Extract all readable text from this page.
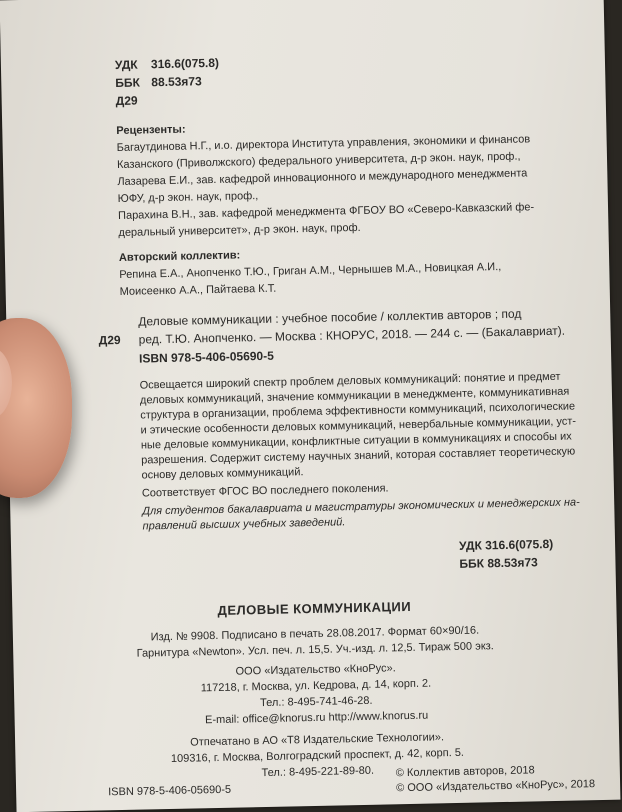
УДК 316.6(075.8)
ББК 88.53я73
Д29
Рецензенты:
Багаутдинова Н.Г., и.о. директора Института управления, экономики и финансов
Казанского (Приволжского) федерального университета, д-р экон. наук, проф.,
Лазарева Е.И., зав. кафедрой инновационного и международного менеджмента
ЮФУ, д-р экон. наук, проф.,
Парахина В.Н., зав. кафедрой менеджмента ФГБОУ ВО «Северо-Кавказский фе-
деральный университет», д-р экон. наук, проф.
Авторский коллектив:
Репина Е.А., Анопченко Т.Ю., Григан А.М., Чернышев М.А., Новицкая А.И.,
Моисеенко А.А., Пайтаева К.Т.
Деловые коммуникации : учебное пособие / коллектив авторов ; под
Д29 ред. Т.Ю. Анопченко. — Москва : КНОРУС, 2018. — 244 с. — (Бакалавриат).
ISBN 978-5-406-05690-5
Освещается широкий спектр проблем деловых коммуникаций: понятие и предмет
деловых коммуникаций, значение коммуникации в менеджменте, коммуникативная
структура в организации, проблема эффективности коммуникаций, психологические
и этические особенности деловых коммуникаций, невербальные коммуникации, уст-
ные деловые коммуникации, конфликтные ситуации в коммуникациях и способы их
разрешения. Содержит систему научных знаний, которая составляет теоретическую
основу деловых коммуникаций.
Соответствует ФГОС ВО последнего поколения.
Для студентов бакалавриата и магистратуры экономических и менеджерских на-
правлений высших учебных заведений.
УДК 316.6(075.8)
ББК 88.53я73
ДЕЛОВЫЕ КОММУНИКАЦИИ
Изд. № 9908. Подписано в печать 28.08.2017. Формат 60×90/16.
Гарнитура «Newton». Усл. печ. л. 15,5. Уч.-изд. л. 12,5. Тираж 500 экз.
ООО «Издательство «КноРус».
117218, г. Москва, ул. Кедрова, д. 14, корп. 2.
Тел.: 8-495-741-46-28.
E-mail: office@knorus.ru http://www.knorus.ru
Отпечатано в АО «Т8 Издательские Технологии».
109316, г. Москва, Волгоградский проспект, д. 42, корп. 5.
Тел.: 8-495-221-89-80.
ISBN 978-5-406-05690-5
© Коллектив авторов, 2018
© ООО «Издательство «КноРус», 2018
